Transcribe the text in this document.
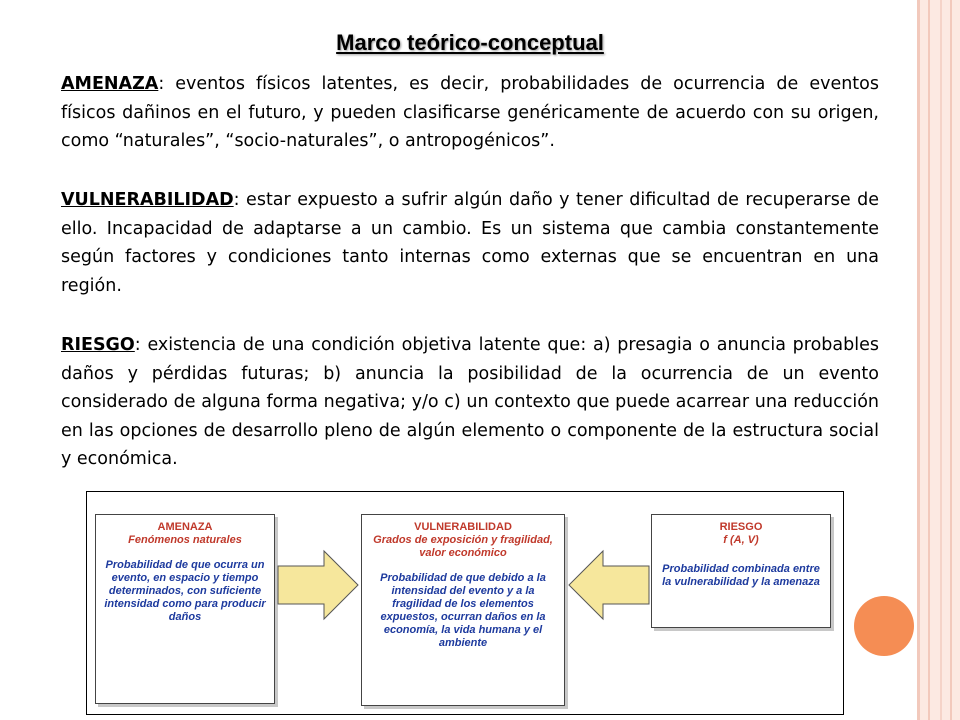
Marco teórico-conceptual

AMENAZA: eventos físicos latentes, es decir, probabilidades de ocurrencia de eventos físicos dañinos en el futuro, y pueden clasificarse genéricamente de acuerdo con su origen, como “naturales”, “socio-naturales”, o antropogénicos”.

VULNERABILIDAD: estar expuesto a sufrir algún daño y tener dificultad de recuperarse de ello. Incapacidad de adaptarse a un cambio. Es un sistema que cambia constantemente según factores y condiciones tanto internas como externas que se encuentran en una región.

RIESGO: existencia de una condición objetiva latente que: a) presagia o anuncia probables daños y pérdidas futuras; b) anuncia la posibilidad de la ocurrencia de un evento considerado de alguna forma negativa; y/o c) un contexto que puede acarrear una reducción en las opciones de desarrollo pleno de algún elemento o componente de la estructura social y económica.

AMENAZA
Fenómenos naturales
Probabilidad de que ocurra un evento, en espacio y tiempo determinados, con suficiente intensidad como para producir daños
VULNERABILIDAD
Grados de exposición y fragilidad, valor económico
Probabilidad de que debido a la intensidad del evento y a la fragilidad de los elementos expuestos, ocurran daños en la economía, la vida humana y el ambiente
RIESGO
f (A, V)
Probabilidad combinada entre la vulnerabilidad y la amenaza
